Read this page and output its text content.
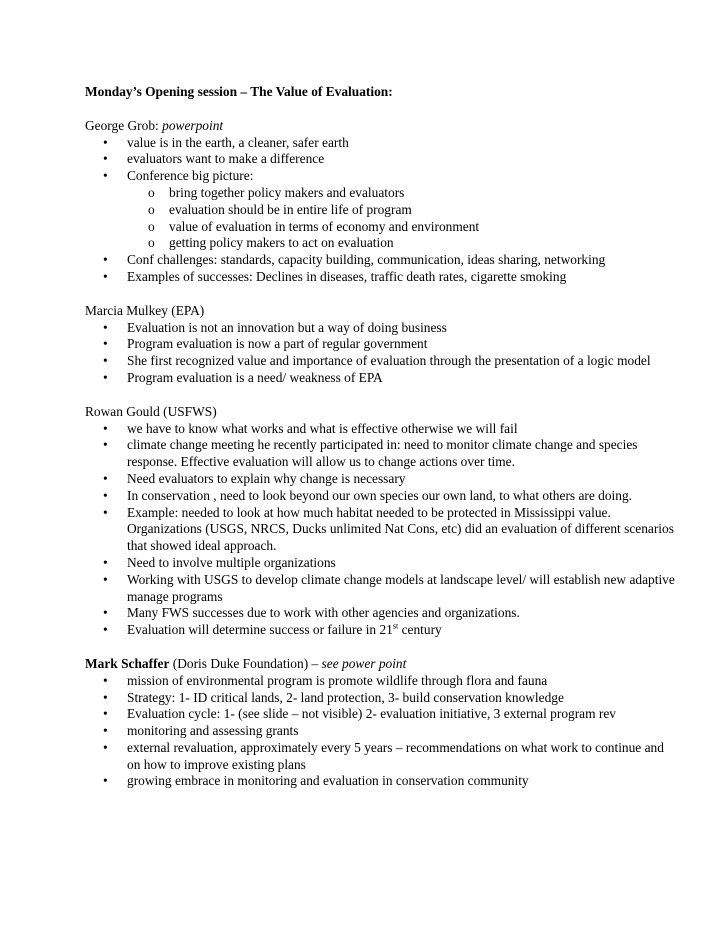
Monday’s Opening session – The Value of Evaluation:

George Grob: powerpoint

• value is in the earth, a cleaner, safer earth
• evaluators want to make a difference
• Conference big picture:
o bring together policy makers and evaluators
o evaluation should be in entire life of program
o value of evaluation in terms of economy and environment
o getting policy makers to act on evaluation
• Conf challenges: standards, capacity building, communication, ideas sharing, networking
• Examples of successes: Declines in diseases, traffic death rates, cigarette smoking

Marcia Mulkey (EPA)

• Evaluation is not an innovation but a way of doing business
• Program evaluation is now a part of regular government
• She first recognized value and importance of evaluation through the presentation of a logic model
• Program evaluation is a need/ weakness of EPA

Rowan Gould (USFWS)

• we have to know what works and what is effective otherwise we will fail
• climate change meeting he recently participated in: need to monitor climate change and species response. Effective evaluation will allow us to change actions over time.
• Need evaluators to explain why change is necessary
• In conservation , need to look beyond our own species our own land, to what others are doing.
• Example: needed to look at how much habitat needed to be protected in Mississippi value. Organizations (USGS, NRCS, Ducks unlimited Nat Cons, etc) did an evaluation of different scenarios that showed ideal approach.
• Need to involve multiple organizations
• Working with USGS to develop climate change models at landscape level/ will establish new adaptive manage programs
• Many FWS successes due to work with other agencies and organizations.
• Evaluation will determine success or failure in 21st century

Mark Schaffer (Doris Duke Foundation) – see power point

• mission of environmental program is promote wildlife through flora and fauna
• Strategy: 1- ID critical lands, 2- land protection, 3- build conservation knowledge
• Evaluation cycle: 1- (see slide – not visible) 2- evaluation initiative, 3 external program rev
• monitoring and assessing grants
• external revaluation, approximately every 5 years – recommendations on what work to continue and on how to improve existing plans
• growing embrace in monitoring and evaluation in conservation community
